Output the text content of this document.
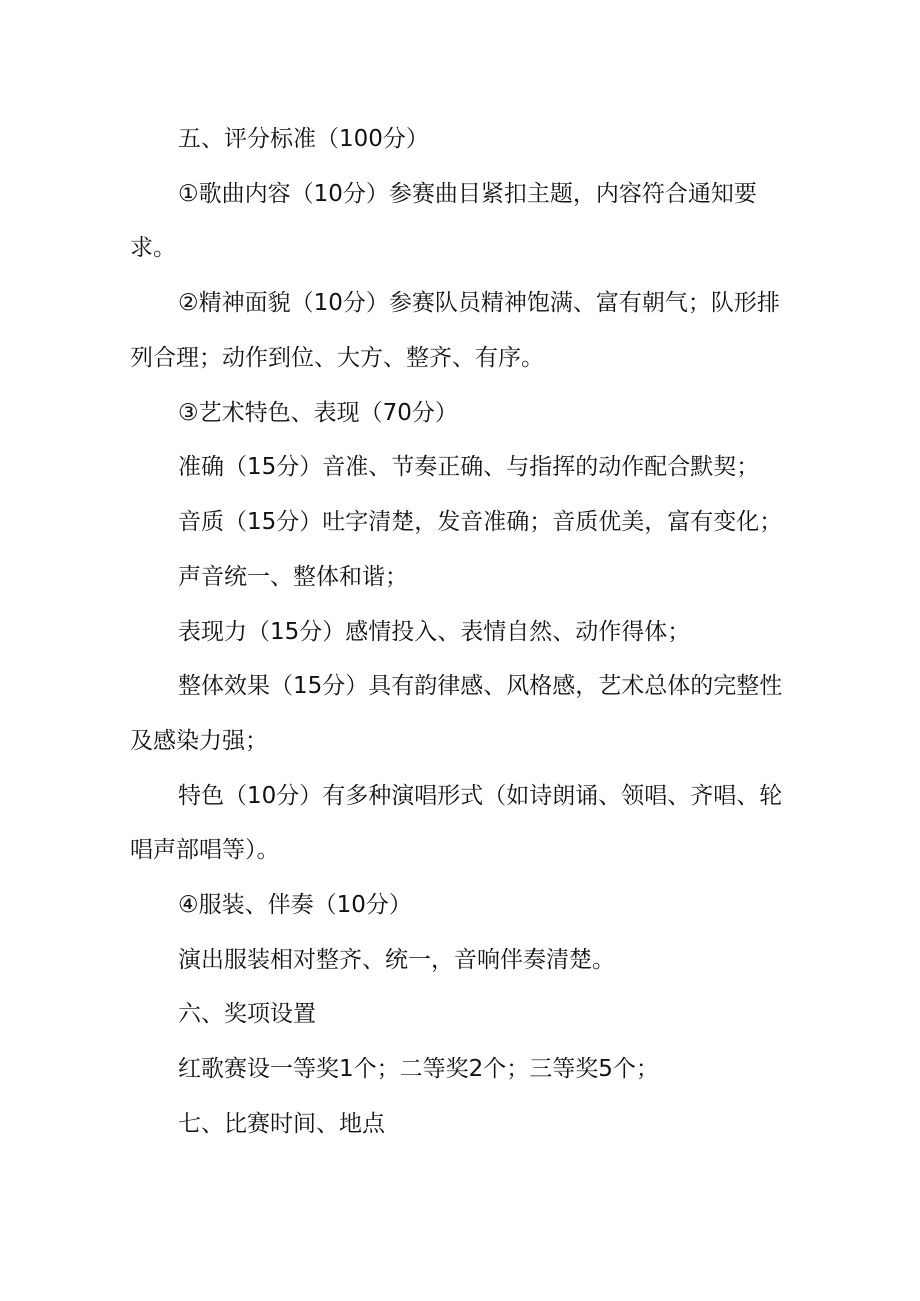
五、评分标准（100分）
①歌曲内容（10分）参赛曲目紧扣主题，内容符合通知要
求。
②精神面貌（10分）参赛队员精神饱满、富有朝气；队形排
列合理；动作到位、大方、整齐、有序。
③艺术特色、表现（70分）
准确（15分）音准、节奏正确、与指挥的动作配合默契；
音质（15分）吐字清楚，发音准确；音质优美，富有变化；
声音统一、整体和谐；
表现力（15分）感情投入、表情自然、动作得体；
整体效果（15分）具有韵律感、风格感，艺术总体的完整性
及感染力强；
特色（10分）有多种演唱形式（如诗朗诵、领唱、齐唱、轮
唱声部唱等）。
④服装、伴奏（10分）
演出服装相对整齐、统一，音响伴奏清楚。
六、奖项设置
红歌赛设一等奖1个；二等奖2个；三等奖5个；
七、比赛时间、地点
